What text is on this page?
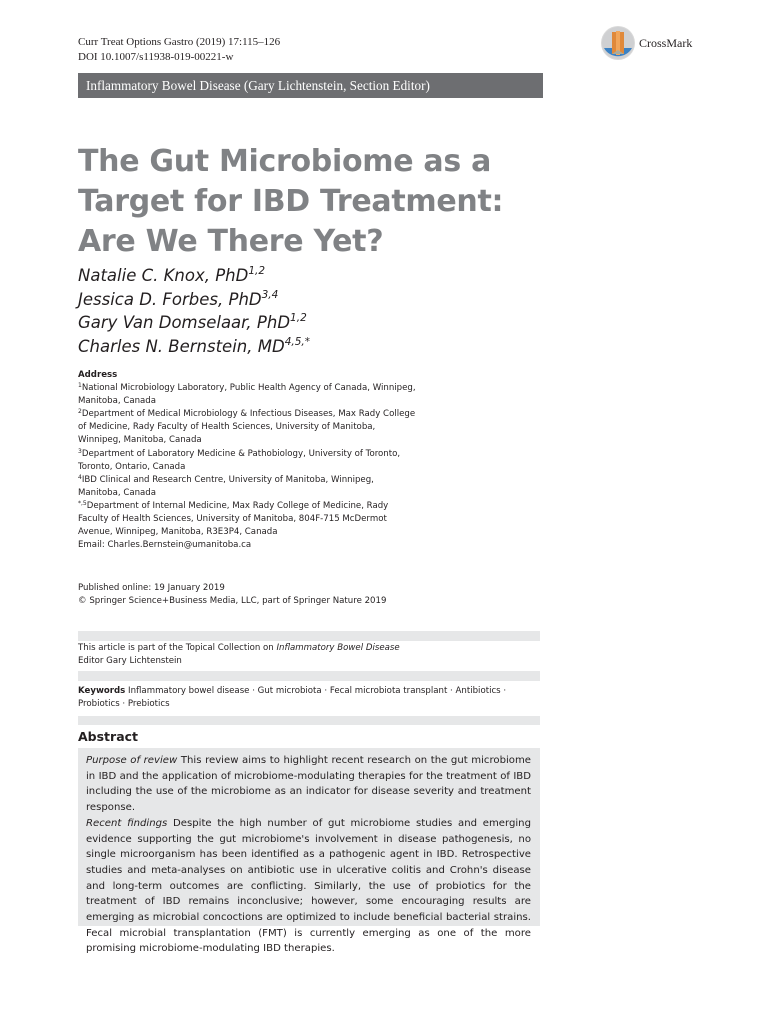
Curr Treat Options Gastro (2019) 17:115–126
DOI 10.1007/s11938-019-00221-w
CrossMark
Inflammatory Bowel Disease (Gary Lichtenstein, Section Editor)
The Gut Microbiome as a Target for IBD Treatment: Are We There Yet?
Natalie C. Knox, PhD$^{1,2}$
Jessica D. Forbes, PhD$^{3,4}$
Gary Van Domselaar, PhD$^{1,2}$
Charles N. Bernstein, $MD^{4,5,*}$
Address
$^1$National Microbiology Laboratory, Public Health Agency of Canada, Winnipeg, Manitoba, Canada
$^2$Department of Medical Microbiology & Infectious Diseases, Max Rady College of Medicine, Rady Faculty of Health Sciences, University of Manitoba, Winnipeg, Manitoba, Canada
$^3$Department of Laboratory Medicine & Pathobiology, University of Toronto, Toronto, Ontario, Canada
$^4$IBD Clinical and Research Centre, University of Manitoba, Winnipeg, Manitoba, Canada
$^{*,5}$Department of Internal Medicine, Max Rady College of Medicine, Rady Faculty of Health Sciences, University of Manitoba, 804F-715 McDermot Avenue, Winnipeg, Manitoba, R3E3P4, Canada
Email: Charles.Bernstein@umanitoba.ca
Published online: 19 January 2019
© Springer Science+Business Media, LLC, part of Springer Nature 2019
This article is part of the Topical Collection on Inflammatory Bowel Disease
Editor Gary Lichtenstein
Keywords Inflammatory bowel disease · Gut microbiota · Fecal microbiota transplant · Antibiotics · Probiotics · Prebiotics
Abstract

Purpose of review This review aims to highlight recent research on the gut microbiome in IBD and the application of microbiome-modulating therapies for the treatment of IBD including the use of the microbiome as an indicator for disease severity and treatment response.

Recent findings Despite the high number of gut microbiome studies and emerging evidence supporting the gut microbiome's involvement in disease pathogenesis, no single microorganism has been identified as a pathogenic agent in IBD. Retrospective studies and meta-analyses on antibiotic use in ulcerative colitis and Crohn's disease and long-term outcomes are conflicting. Similarly, the use of probiotics for the treatment of IBD remains inconclusive; however, some encouraging results are emerging as microbial concoctions are optimized to include beneficial bacterial strains. Fecal microbial transplantation (FMT) is currently emerging as one of the more promising microbiome-modulating IBD therapies.
